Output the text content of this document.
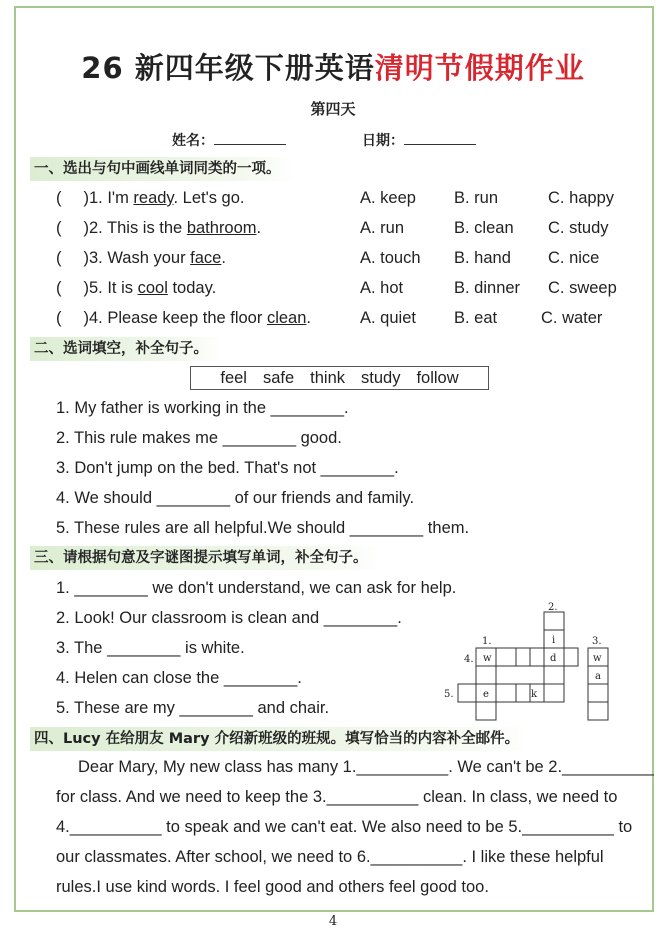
26 新四年级下册英语清明节假期作业
第四天
姓名：	日期：
一、选出与句中画线单词同类的一项。
( )1. I'm ready. Let's go.	A. keep B. run	C. happy
( )2. This is the bathroom.	A. run	B. clean C. study
( )3. Wash your face.	A. touch B. hand C. nice
( )5. It is cool today.	A. hot	B. dinner C. sweep
( )4. Please keep the floor clean.	A. quiet B. eat	C. water
二、选词填空，补全句子。
feel safe think study follow
1. My father is working in the ________.
2. This rule makes me ________ good.
3. Don't jump on the bed. That's not ________.
4. We should ________ of our friends and family.
5. These rules are all helpful.We should ________ them.
三、请根据句意及字谜图提示填写单词，补全句子。
1. ________ we don't understand, we can ask for help.
2. Look! Our classroom is clean and ________.
3. The ________ is white.
4. Helen can close the ________.
5. These are my ________ and chair.
2.
1.	3.
4.
5.
w
i
d	w
a
e	k
四、Lucy 在给朋友 Mary 介绍新班级的班规。填写恰当的内容补全邮件。
Dear Mary, My new class has many 1.__________. We can't be 2.__________
for class. And we need to keep the 3.__________ clean. In class, we need to
4.__________ to speak and we can't eat. We also need to be 5.__________ to
our classmates. After school, we need to 6.__________. I like these helpful
rules.I use kind words. I feel good and others feel good too.
4
